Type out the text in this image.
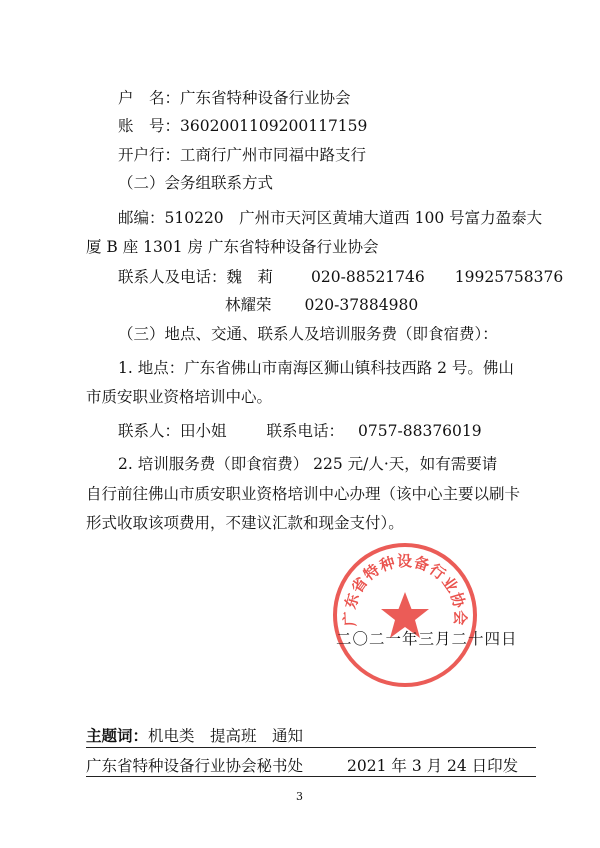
户　名：广东省特种设备行业协会
账　号：3602001109200117159
开户行：工商行广州市同福中路支行
（二）会务组联系方式
邮编：510220　广州市天河区黄埔大道西 100 号富力盈泰大
厦 B 座 1301 房 广东省特种设备行业协会
联系人及电话：魏　莉 020-88521746 19925758376
林耀荣 020-37884980
（三）地点、交通、联系人及培训服务费（即食宿费）：
1. 地点：广东省佛山市南海区狮山镇科技西路 2 号。佛山
市质安职业资格培训中心。
联系人：田小姐	联系电话： 0757-88376019
2. 培训服务费（即食宿费） 225 元/人·天，如有需要请
自行前往佛山市质安职业资格培训中心办理（该中心主要以刷卡
形式收取该项费用，不建议汇款和现金支付）。
广东省特种设备行业协会
二〇二一年三月二十四日
主题词：机电类　提高班　通知
广东省特种设备行业协会秘书处	2021 年 3 月 24 日印发
3
